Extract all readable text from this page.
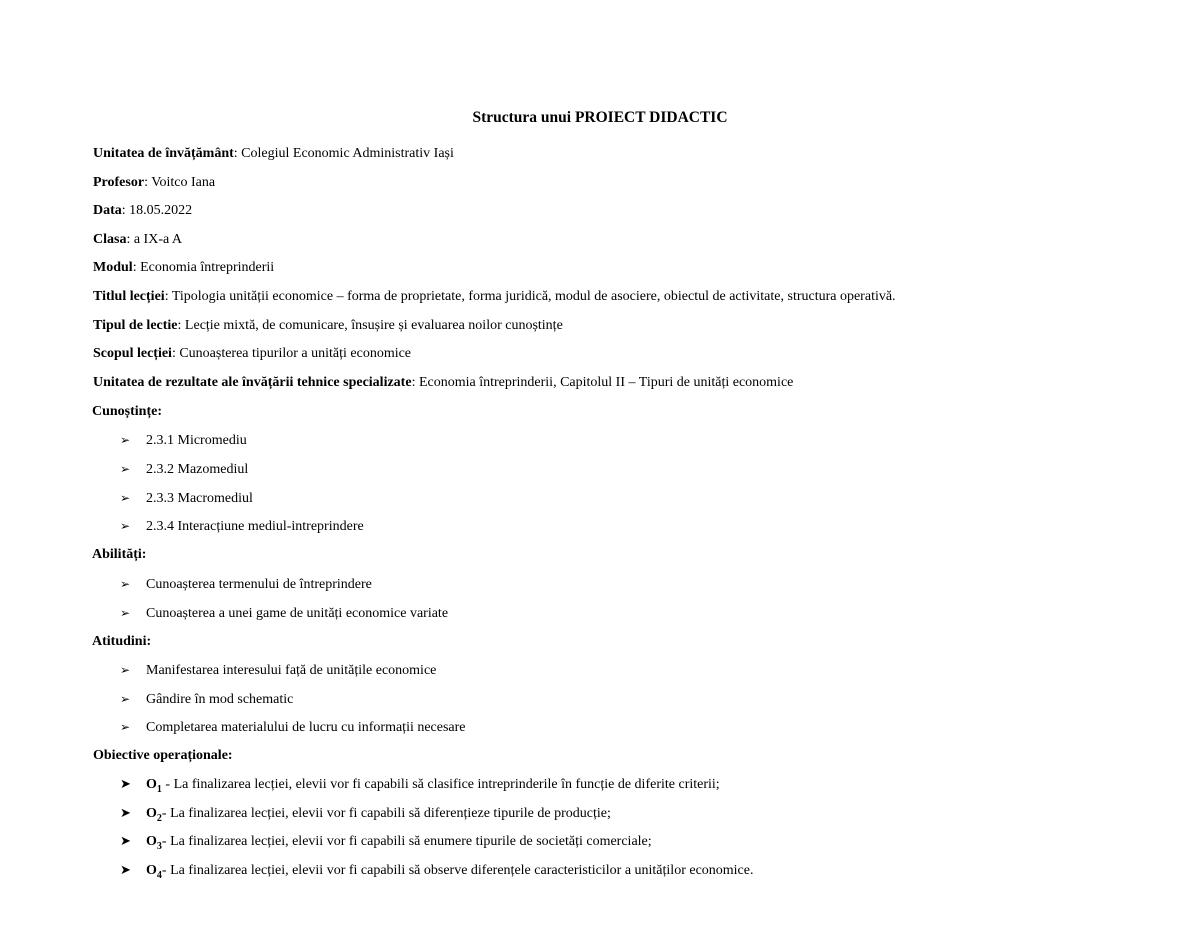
Structura unui PROIECT DIDACTIC
Unitatea de învățământ: Colegiul Economic Administrativ Iași
Profesor: Voitco Iana
Data: 18.05.2022
Clasa: a IX-a A
Modul: Economia întreprinderii
Titlul lecției: Tipologia unității economice – forma de proprietate, forma juridică, modul de asociere, obiectul de activitate, structura operativă.
Tipul de lectie: Lecție mixtă, de comunicare, însușire și evaluarea noilor cunoștințe
Scopul lecției: Cunoașterea tipurilor a unități economice
Unitatea de rezultate ale învățării tehnice specializate: Economia întreprinderii, Capitolul II – Tipuri de unități economice
Cunoștințe:
➢ 2.3.1 Micromediu
➢ 2.3.2 Mazomediul
➢ 2.3.3 Macromediul
➢ 2.3.4 Interacțiune mediul-intreprindere
Abilități:
➢ Cunoașterea termenului de întreprindere
➢ Cunoașterea a unei game de unități economice variate
Atitudini:
➢ Manifestarea interesului față de unitățile economice
➢ Gândire în mod schematic
➢ Completarea materialului de lucru cu informații necesare
Obiective operaționale:
➤ $O_1$ - La finalizarea lecției, elevii vor fi capabili să clasifice intreprinderile în funcție de diferite criterii;
➤ $O_2-$ La finalizarea lecției, elevii vor fi capabili să diferențieze tipurile de producție;
➤ $O_3-$ La finalizarea lecției, elevii vor fi capabili să enumere tipurile de societăți comerciale;
➤ $O_4-$ La finalizarea lecției, elevii vor fi capabili să observe diferențele caracteristicilor a unităților economice.
